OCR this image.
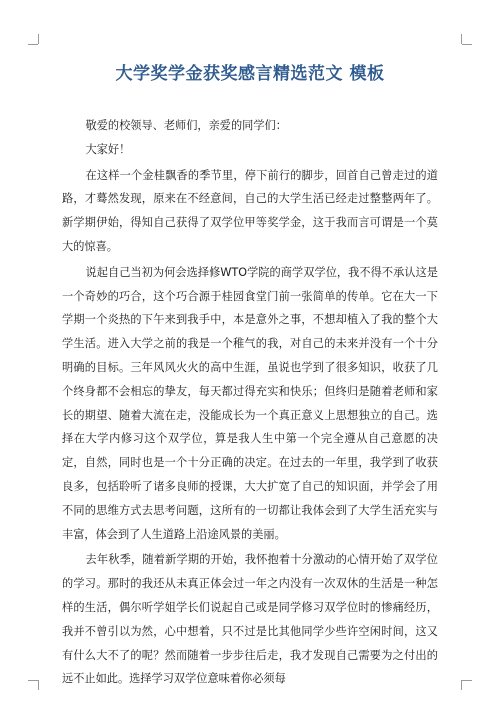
大学奖学金获奖感言精选范文 模板

敬爱的校领导、老师们，亲爱的同学们：

大家好！

在这样一个金桂飘香的季节里，停下前行的脚步，回首自己曾走过的道路，才蓦然发现，原来在不经意间，自己的大学生活已经走过整整两年了。新学期伊始，得知自己获得了双学位甲等奖学金，这于我而言可谓是一个莫大的惊喜。

说起自己当初为何会选择修WTO学院的商学双学位，我不得不承认这是一个奇妙的巧合，这个巧合源于桂园食堂门前一张简单的传单。它在大一下学期一个炎热的下午来到我手中，本是意外之事，不想却植入了我的整个大学生活。进入大学之前的我是一个稚气的我，对自己的未来并没有一个十分明确的目标。三年风风火火的高中生涯，虽说也学到了很多知识，收获了几个终身都不会相忘的挚友，每天都过得充实和快乐；但终归是随着老师和家长的期望、随着大流在走，没能成长为一个真正意义上思想独立的自己。选择在大学内修习这个双学位，算是我人生中第一个完全遵从自己意愿的决定，自然，同时也是一个十分正确的决定。在过去的一年里，我学到了收获良多，包括聆听了诸多良师的授课，大大扩宽了自己的知识面，并学会了用不同的思维方式去思考问题，这所有的一切都让我体会到了大学生活充实与丰富，体会到了人生道路上沿途风景的美丽。

去年秋季，随着新学期的开始，我怀抱着十分激动的心情开始了双学位的学习。那时的我还从未真正体会过一年之内没有一次双休的生活是一种怎样的生活，偶尔听学姐学长们说起自己或是同学修习双学位时的惨痛经历，我并不曾引以为然，心中想着，只不过是比其他同学少些许空闲时间，这又有什么大不了的呢？然而随着一步步往后走，我才发现自己需要为之付出的远不止如此。选择学习双学位意味着你必须每
